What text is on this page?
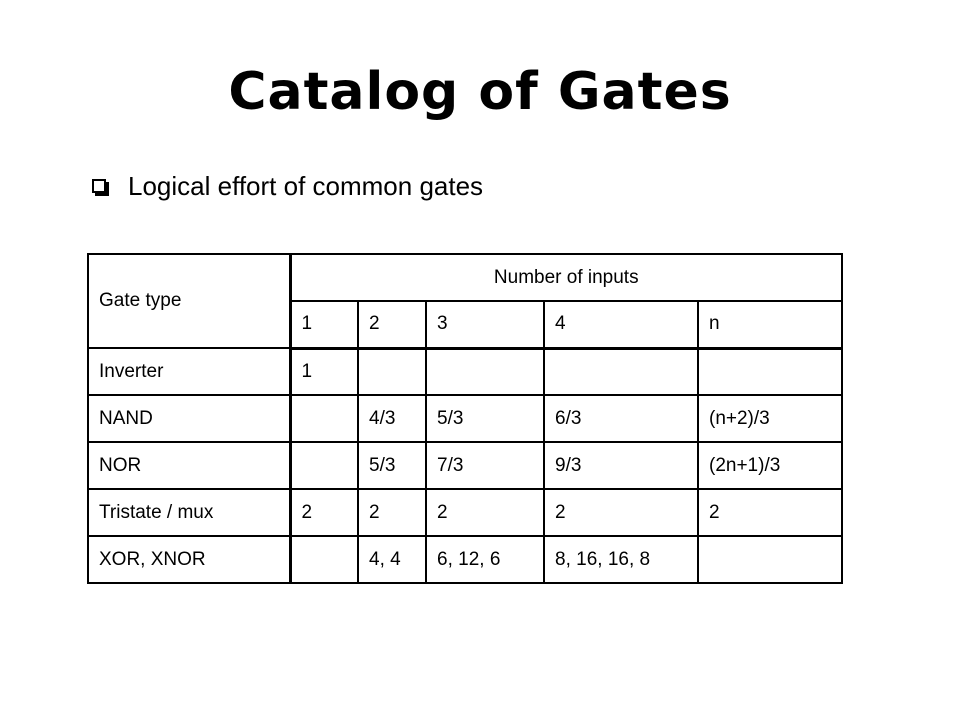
Catalog of Gates
Logical effort of common gates
Gate type	Number of inputs				
	1	2	3	4	n
Inverter	1				
NAND		4/3	5/3	6/3	(n+2)/3
NOR		5/3	7/3	9/3	(2n+1)/3
Tristate / mux	2	2	2	2	2
XOR, XNOR		4, 4	6, 12, 6	8, 16, 16, 8	
